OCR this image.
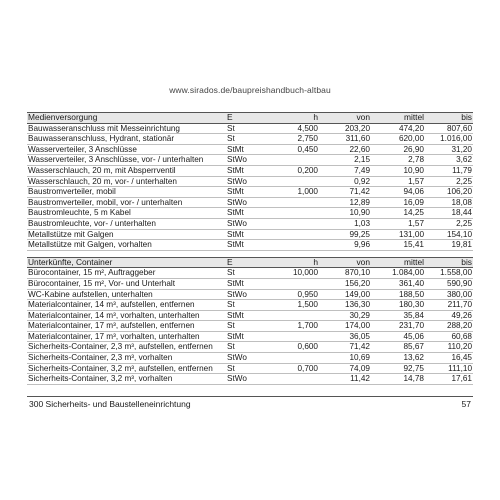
www.sirados.de/baupreishandbuch-altbau
Medienversorgung	E	h	von	mittel	bis
Bauwasseranschluss mit Messeinrichtung	St	4,500	203,20	474,20	807,60
Bauwasseranschluss, Hydrant, stationär	St	2,750	311,60	620,00	1.016,00
Wasserverteiler, 3 Anschlüsse	StMt	0,450	22,60	26,90	31,20
Wasserverteiler, 3 Anschlüsse, vor- / unterhalten	StWo		2,15	2,78	3,62
Wasserschlauch, 20 m, mit Absperrventil	StMt	0,200	7,49	10,90	11,79
Wasserschlauch, 20 m, vor- / unterhalten	StWo		0,92	1,57	2,25
Baustromverteiler, mobil	StMt	1,000	71,42	94,06	106,20
Baustromverteiler, mobil, vor- / unterhalten	StWo		12,89	16,09	18,08
Baustromleuchte, 5 m Kabel	StMt		10,90	14,25	18,44
Baustromleuchte, vor- / unterhalten	StWo		1,03	1,57	2,25
Metallstütze mit Galgen	StMt		99,25	131,00	154,10
Metallstütze mit Galgen, vorhalten	StMt		9,96	15,41	19,81

Unterkünfte, Container	E	h	von	mittel	bis
Bürocontainer, 15 m², Auftraggeber	St	10,000	870,10	1.084,00	1.558,00
Bürocontainer, 15 m², Vor- und Unterhalt	StMt		156,20	361,40	590,90
WC-Kabine aufstellen, unterhalten	StWo	0,950	149,00	188,50	380,00
Materialcontainer, 14 m³, aufstellen, entfernen	St	1,500	136,30	180,30	211,70
Materialcontainer, 14 m³, vorhalten, unterhalten	StMt		30,29	35,84	49,26
Materialcontainer, 17 m³, aufstellen, entfernen	St	1,700	174,00	231,70	288,20
Materialcontainer, 17 m³, vorhalten, unterhalten	StMt		36,05	45,06	60,68
Sicherheits-Container, 2,3 m³, aufstellen, entfernen	St	0,600	71,42	85,67	110,20
Sicherheits-Container, 2,3 m³, vorhalten	StWo		10,69	13,62	16,45
Sicherheits-Container, 3,2 m³, aufstellen, entfernen	St	0,700	74,09	92,75	111,10
Sicherheits-Container, 3,2 m³, vorhalten	StWo		11,42	14,78	17,61
300 Sicherheits- und Baustelleneinrichtung	57
